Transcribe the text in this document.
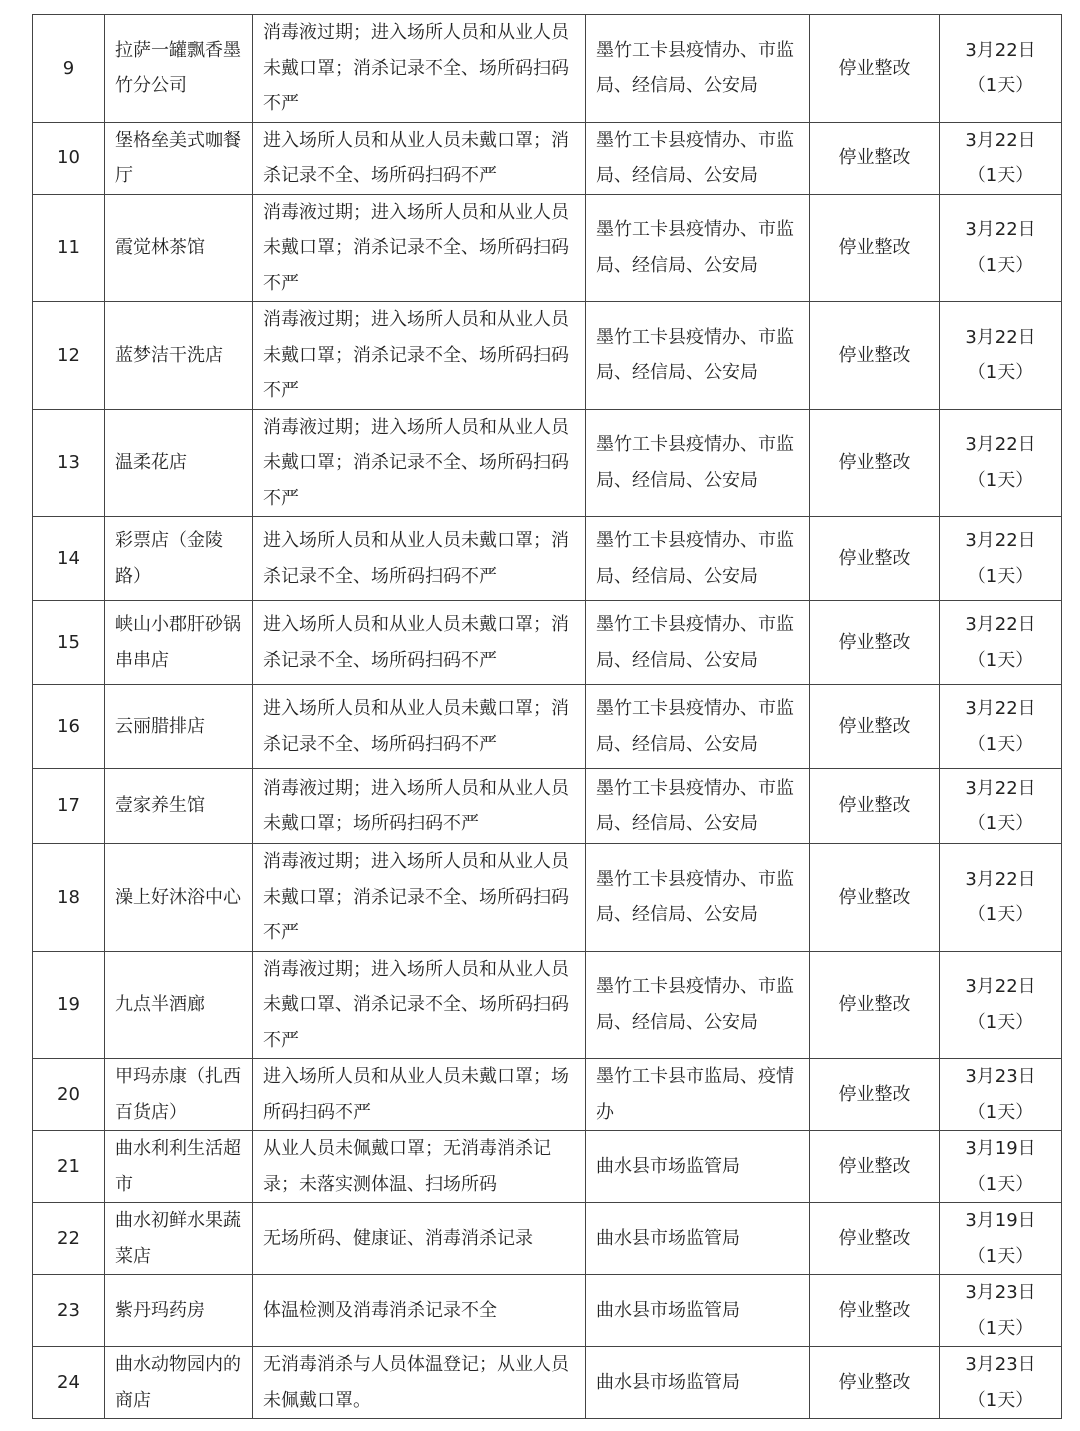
9	拉萨一罐飘香墨竹分公司	消毒液过期；进入场所人员和从业人员未戴口罩；消杀记录不全、场所码扫码不严	墨竹工卡县疫情办、市监局、经信局、公安局	停业整改	3月22日
（1天）

10	堡格垒美式咖餐厅	进入场所人员和从业人员未戴口罩；消杀记录不全、场所码扫码不严	墨竹工卡县疫情办、市监局、经信局、公安局	停业整改	3月22日
（1天）

11	霞觉林茶馆	消毒液过期；进入场所人员和从业人员未戴口罩；消杀记录不全、场所码扫码不严	墨竹工卡县疫情办、市监局、经信局、公安局	停业整改	3月22日
（1天）

12	蓝梦洁干洗店	消毒液过期；进入场所人员和从业人员未戴口罩；消杀记录不全、场所码扫码不严	墨竹工卡县疫情办、市监局、经信局、公安局	停业整改	3月22日
（1天）

13	温柔花店	消毒液过期；进入场所人员和从业人员未戴口罩；消杀记录不全、场所码扫码不严	墨竹工卡县疫情办、市监局、经信局、公安局	停业整改	3月22日
（1天）

14	彩票店（金陵路）	进入场所人员和从业人员未戴口罩；消杀记录不全、场所码扫码不严	墨竹工卡县疫情办、市监局、经信局、公安局	停业整改	3月22日
（1天）

15	峡山小郡肝砂锅串串店	进入场所人员和从业人员未戴口罩；消杀记录不全、场所码扫码不严	墨竹工卡县疫情办、市监局、经信局、公安局	停业整改	3月22日
（1天）

16	云丽腊排店	进入场所人员和从业人员未戴口罩；消杀记录不全、场所码扫码不严	墨竹工卡县疫情办、市监局、经信局、公安局	停业整改	3月22日
（1天）

17	壹家养生馆	消毒液过期；进入场所人员和从业人员未戴口罩；场所码扫码不严	墨竹工卡县疫情办、市监局、经信局、公安局	停业整改	3月22日
（1天）

18	澡上好沐浴中心	消毒液过期；进入场所人员和从业人员未戴口罩；消杀记录不全、场所码扫码不严	墨竹工卡县疫情办、市监局、经信局、公安局	停业整改	3月22日
（1天）

19	九点半酒廊	消毒液过期；进入场所人员和从业人员未戴口罩、消杀记录不全、场所码扫码不严	墨竹工卡县疫情办、市监局、经信局、公安局	停业整改	3月22日
（1天）

20	甲玛赤康（扎西百货店）	进入场所人员和从业人员未戴口罩；场所码扫码不严	墨竹工卡县市监局、疫情办	停业整改	3月23日
（1天）

21	曲水利利生活超市	从业人员未佩戴口罩；无消毒消杀记录；未落实测体温、扫场所码	曲水县市场监管局	停业整改	3月19日
（1天）

22	曲水初鲜水果蔬菜店	无场所码、健康证、消毒消杀记录	曲水县市场监管局	停业整改	3月19日
（1天）

23	紫丹玛药房	体温检测及消毒消杀记录不全	曲水县市场监管局	停业整改	3月23日
（1天）

24	曲水动物园内的商店	无消毒消杀与人员体温登记；从业人员未佩戴口罩。	曲水县市场监管局	停业整改	3月23日
（1天）
